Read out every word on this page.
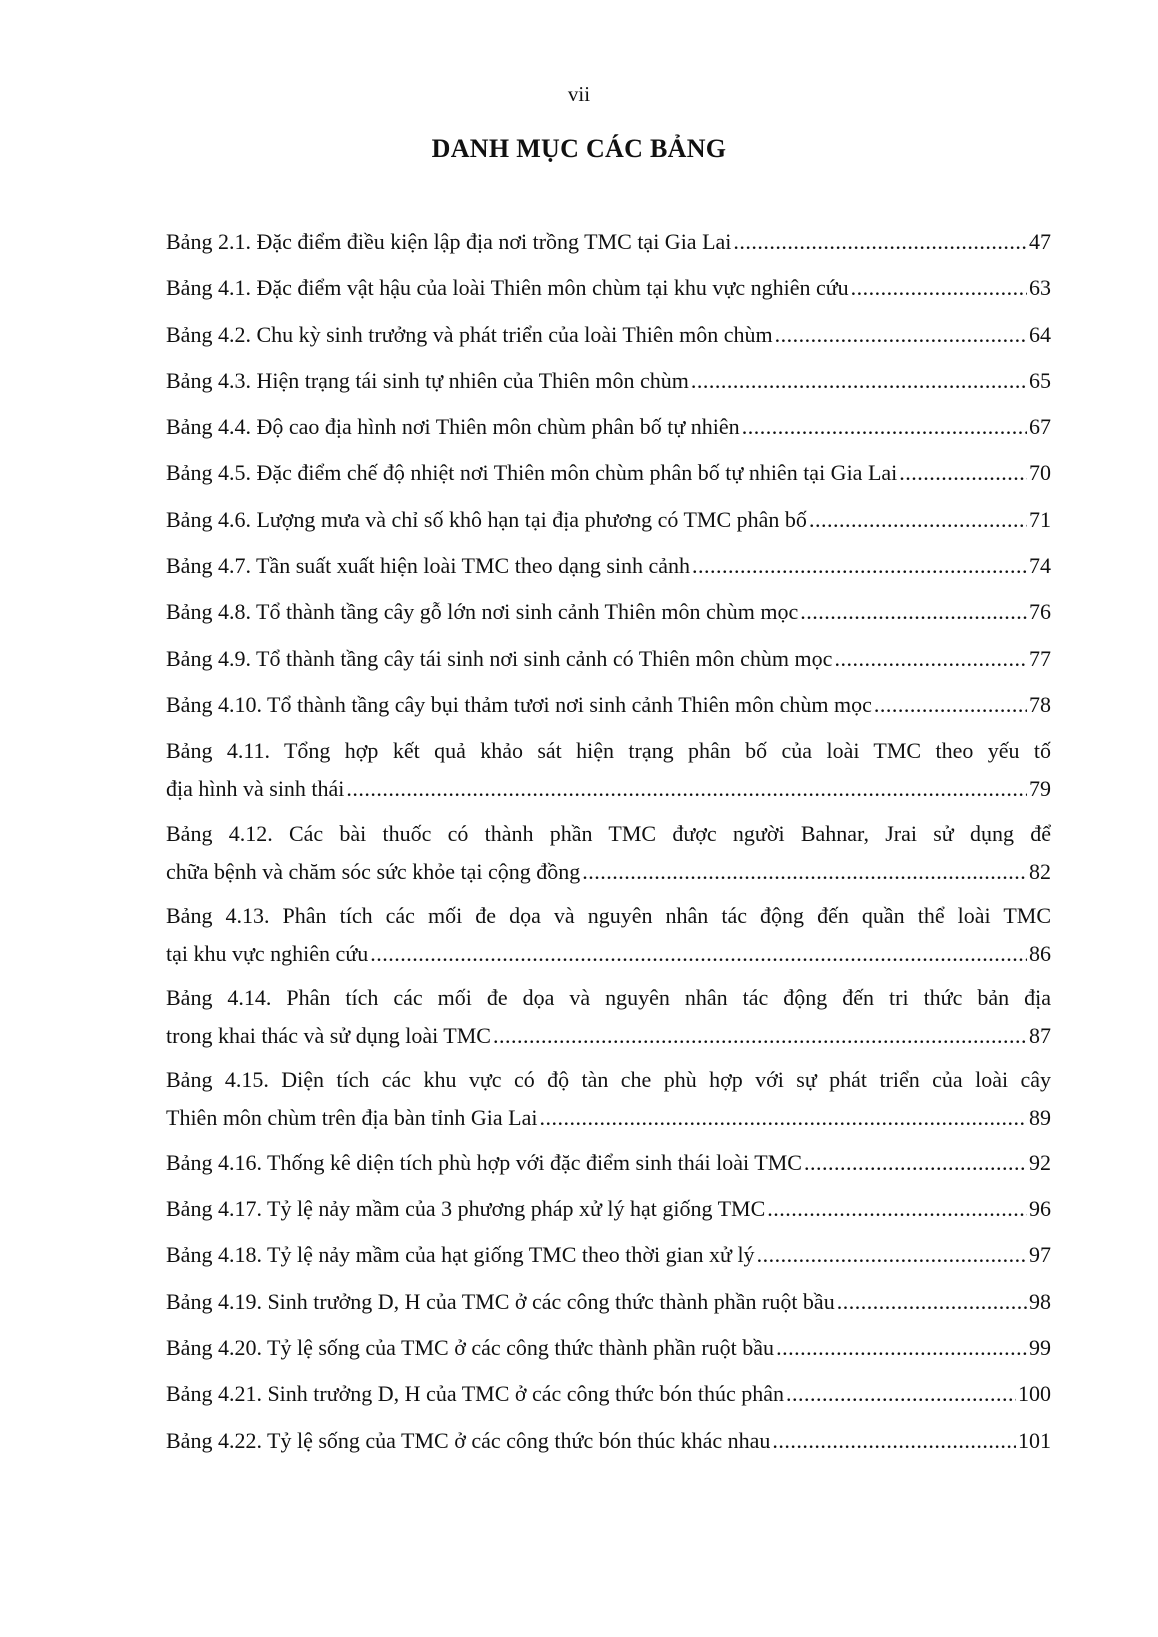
vii
DANH MỤC CÁC BẢNG
Bảng 2.1. Đặc điểm điều kiện lập địa nơi trồng TMC tại Gia Lai .....	47
Bảng 4.1. Đặc điểm vật hậu của loài Thiên môn chùm tại khu vực nghiên cứu .....	63
Bảng 4.2. Chu kỳ sinh trưởng và phát triển của loài Thiên môn chùm .....	64
Bảng 4.3. Hiện trạng tái sinh tự nhiên của Thiên môn chùm .....	65
Bảng 4.4. Độ cao địa hình nơi Thiên môn chùm phân bố tự nhiên .....	67
Bảng 4.5. Đặc điểm chế độ nhiệt nơi Thiên môn chùm phân bố tự nhiên tại Gia Lai .....	70
Bảng 4.6. Lượng mưa và chỉ số khô hạn tại địa phương có TMC phân bố .....	71
Bảng 4.7. Tần suất xuất hiện loài TMC theo dạng sinh cảnh .....	74
Bảng 4.8. Tổ thành tầng cây gỗ lớn nơi sinh cảnh Thiên môn chùm mọc .....	76
Bảng 4.9. Tổ thành tầng cây tái sinh nơi sinh cảnh có Thiên môn chùm mọc .....	77
Bảng 4.10. Tổ thành tầng cây bụi thảm tươi nơi sinh cảnh Thiên môn chùm mọc .....	78
Bảng 4.11. Tổng hợp kết quả khảo sát hiện trạng phân bố của loài TMC theo yếu tố
địa hình và sinh thái .....	79
Bảng 4.12. Các bài thuốc có thành phần TMC được người Bahnar, Jrai sử dụng để
chữa bệnh và chăm sóc sức khỏe tại cộng đồng .....	82
Bảng 4.13. Phân tích các mối đe dọa và nguyên nhân tác động đến quần thể loài TMC
tại khu vực nghiên cứu .....	86
Bảng 4.14. Phân tích các mối đe dọa và nguyên nhân tác động đến tri thức bản địa
trong khai thác và sử dụng loài TMC .....	87
Bảng 4.15. Diện tích các khu vực có độ tàn che phù hợp với sự phát triển của loài cây
Thiên môn chùm trên địa bàn tỉnh Gia Lai .....	89
Bảng 4.16. Thống kê diện tích phù hợp với đặc điểm sinh thái loài TMC .....	92
Bảng 4.17. Tỷ lệ nảy mầm của 3 phương pháp xử lý hạt giống TMC .....	96
Bảng 4.18. Tỷ lệ nảy mầm của hạt giống TMC theo thời gian xử lý .....	97
Bảng 4.19. Sinh trưởng D, H của TMC ở các công thức thành phần ruột bầu .....	98
Bảng 4.20. Tỷ lệ sống của TMC ở các công thức thành phần ruột bầu .....	99
Bảng 4.21. Sinh trưởng D, H của TMC ở các công thức bón thúc phân .....	100
Bảng 4.22. Tỷ lệ sống của TMC ở các công thức bón thúc khác nhau .....	101
